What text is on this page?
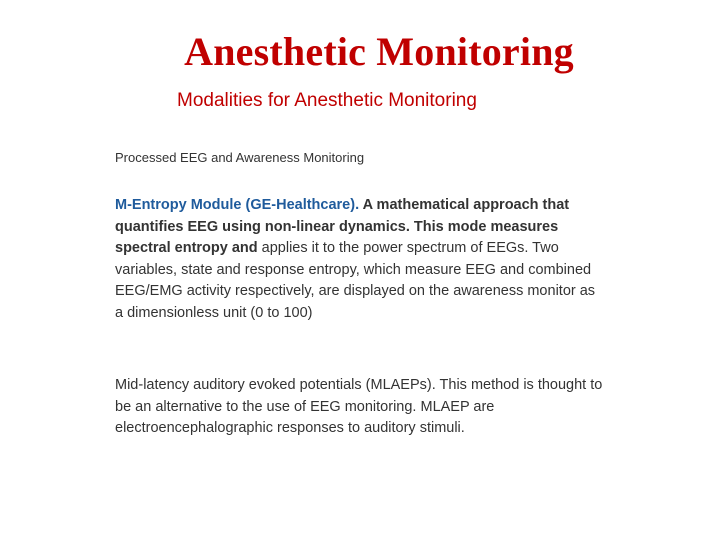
Anesthetic Monitoring
Modalities for Anesthetic Monitoring
Processed EEG and Awareness Monitoring
M-Entropy Module (GE-Healthcare). A mathematical approach that quantifies EEG using non-linear dynamics. This mode measures spectral entropy and applies it to the power spectrum of EEGs. Two variables, state and response entropy, which measure EEG and combined EEG/EMG activity respectively, are displayed on the awareness monitor as a dimensionless unit (0 to 100)
Mid-latency auditory evoked potentials (MLAEPs). This method is thought to be an alternative to the use of EEG monitoring. MLAEP are electroencephalographic responses to auditory stimuli.
